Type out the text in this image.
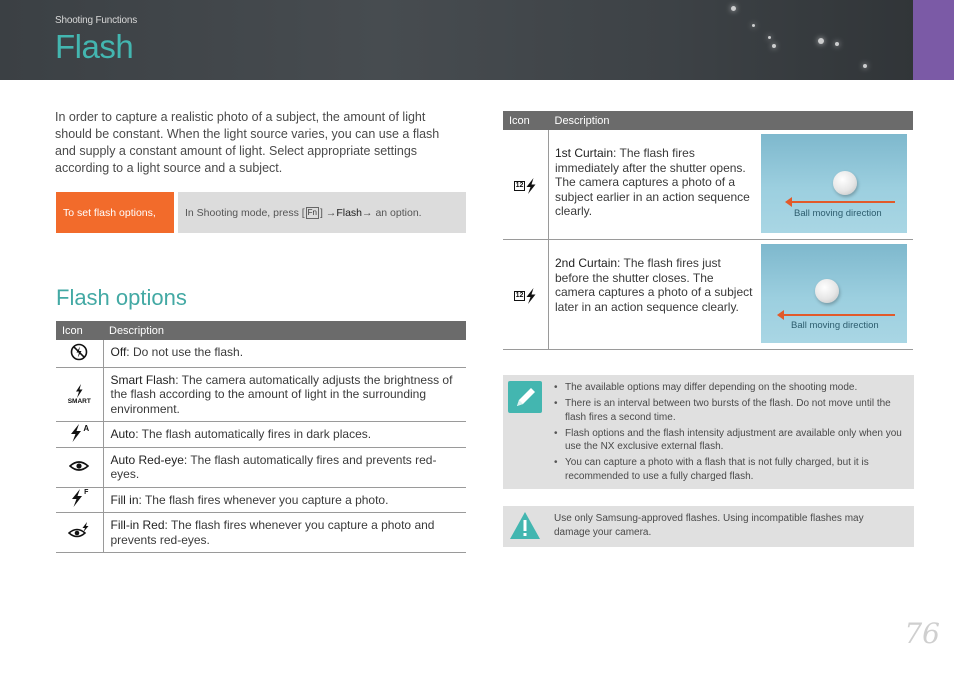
Shooting Functions
Flash

In order to capture a realistic photo of a subject, the amount of light should be constant. When the light source varies, you can use a flash and supply a constant amount of light. Select appropriate settings according to a light source and a subject.

To set flash options,	In Shooting mode, press [ Fn ] → Flash → an option.
Flash options
Icon	Description
	Off: Do not use the flash.

SMART	Smart Flash: The camera automatically adjusts the brightness of the flash according to the amount of light in the surrounding environment.

A	Auto: The flash automatically fires in dark places.
	Auto Red-eye: The flash automatically fires and prevents red-eyes.

F	Fill in: The flash fires whenever you capture a photo.
	Fill-in Red: The flash fires whenever you capture a photo and prevents red-eyes.
Icon	Description

12	1st Curtain: The flash fires immediately after the shutter opens. The camera captures a photo of a subject earlier in an action sequence clearly. Ball moving direction

12	2nd Curtain: The flash fires just before the shutter closes. The camera captures a photo of a subject later in an action sequence clearly.
Ball moving direction
• The available options may differ depending on the shooting mode.
• There is an interval between two bursts of the flash. Do not move until the flash fires a second time.
• Flash options and the flash intensity adjustment are available only when you use the NX exclusive external flash.
• You can capture a photo with a flash that is not fully charged, but it is recommended to use a fully charged flash.
Use only Samsung-approved flashes. Using incompatible flashes may damage your camera.
76
